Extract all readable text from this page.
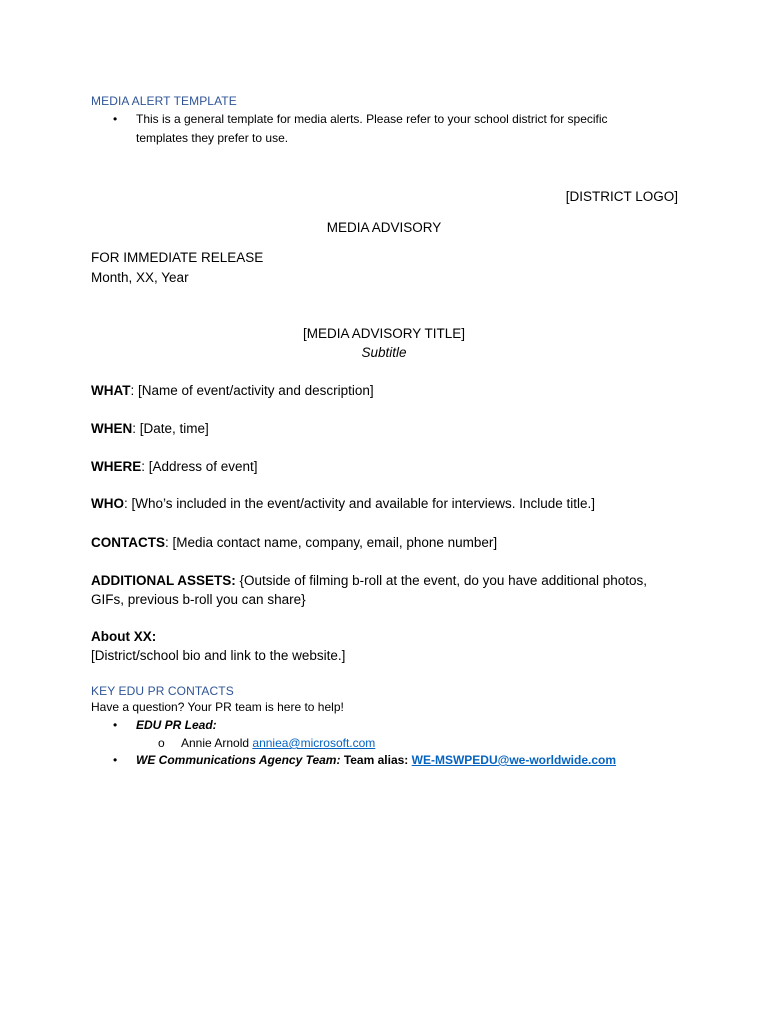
MEDIA ALERT TEMPLATE
• This is a general template for media alerts. Please refer to your school district for specific
templates they prefer to use.
[DISTRICT LOGO]
MEDIA ADVISORY
FOR IMMEDIATE RELEASE
Month, XX, Year
[MEDIA ADVISORY TITLE]
Subtitle
WHAT: [Name of event/activity and description]
WHEN: [Date, time]
WHERE: [Address of event]
WHO: [Who’s included in the event/activity and available for interviews. Include title.]
CONTACTS: [Media contact name, company, email, phone number]
ADDITIONAL ASSETS: {Outside of filming b-roll at the event, do you have additional photos,
GIFs, previous b-roll you can share}
About XX:
[District/school bio and link to the website.]
KEY EDU PR CONTACTS
Have a question? Your PR team is here to help!
• EDU PR Lead:
o Annie Arnold anniea@microsoft.com
• WE Communications Agency Team: Team alias: WE-MSWPEDU@we-worldwide.com
